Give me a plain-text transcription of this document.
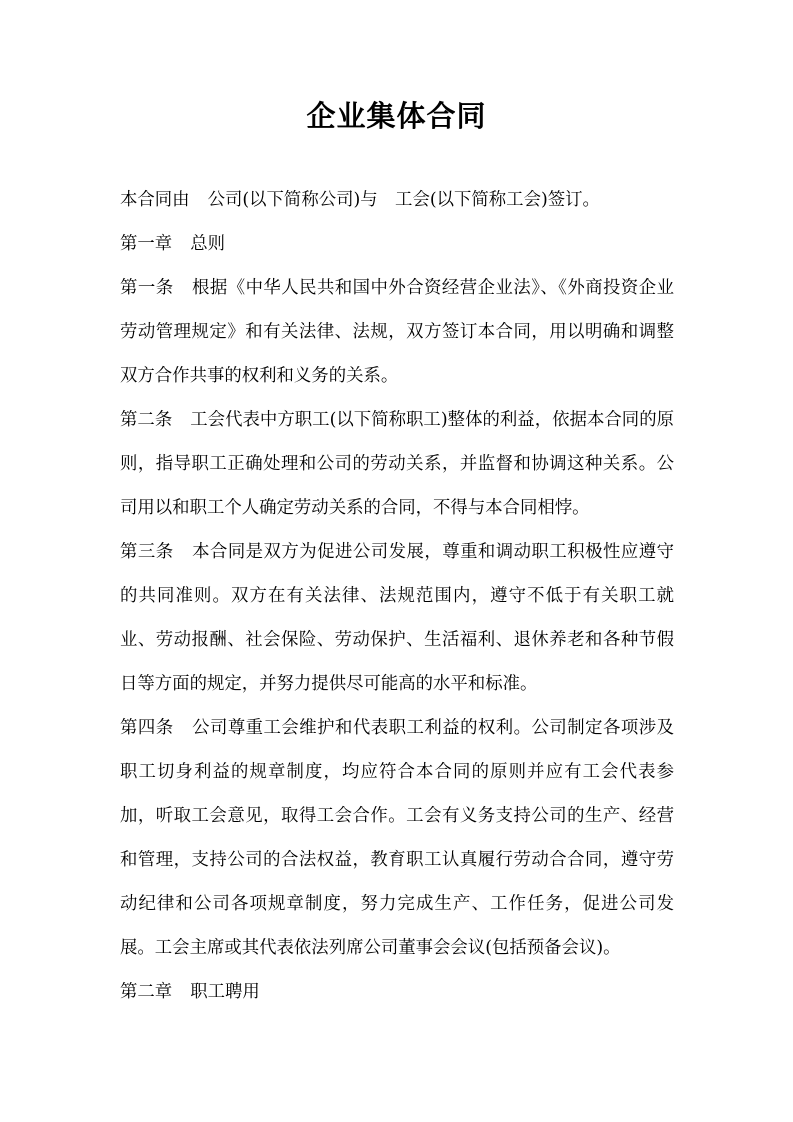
企业集体合同

本合同由 公司(以下简称公司)与　工会(以下简称工会)签订。

第一章 总则

第一条 根据《中华人民共和国中外合资经营企业法》、《外商投资企业劳动管理规定》和有关法律、法规，双方签订本合同，用以明确和调整双方合作共事的权利和义务的关系。

第二条 工会代表中方职工(以下简称职工)整体的利益，依据本合同的原则，指导职工正确处理和公司的劳动关系，并监督和协调这种关系。公司用以和职工个人确定劳动关系的合同，不得与本合同相悖。

第三条 本合同是双方为促进公司发展，尊重和调动职工积极性应遵守的共同准则。双方在有关法律、法规范围内，遵守不低于有关职工就业、劳动报酬、社会保险、劳动保护、生活福利、退休养老和各种节假日等方面的规定，并努力提供尽可能高的水平和标准。

第四条 公司尊重工会维护和代表职工利益的权利。公司制定各项涉及职工切身利益的规章制度，均应符合本合同的原则并应有工会代表参加，听取工会意见，取得工会合作。工会有义务支持公司的生产、经营和管理，支持公司的合法权益，教育职工认真履行劳动合合同，遵守劳动纪律和公司各项规章制度，努力完成生产、工作任务，促进公司发展。工会主席或其代表依法列席公司董事会会议(包括预备会议)。

第二章 职工聘用
